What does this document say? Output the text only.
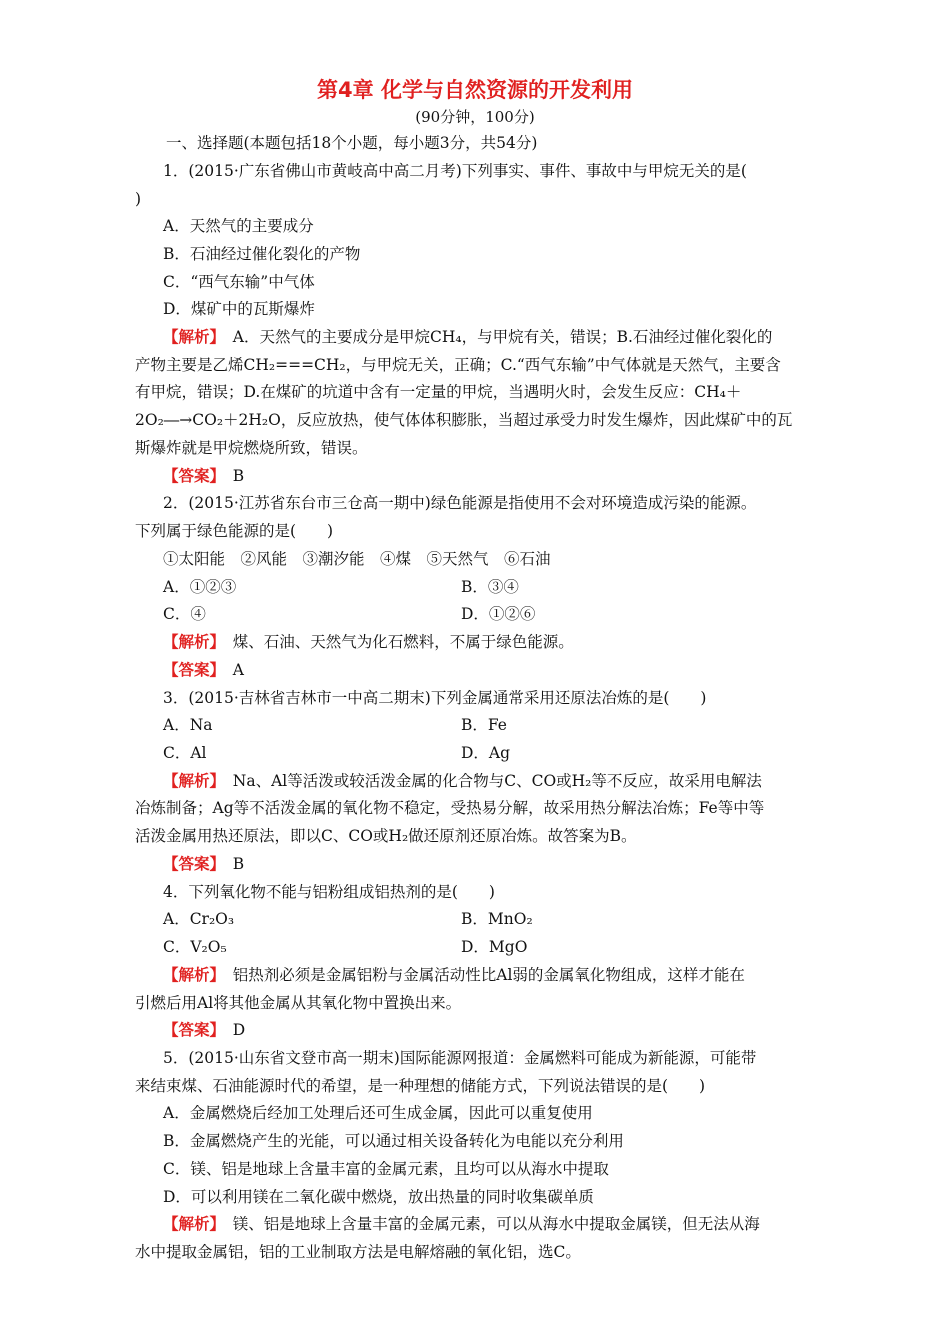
第4章 化学与自然资源的开发利用
(90分钟，100分)
一、选择题(本题包括18个小题，每小题3分，共54分)
1．(2015·广东省佛山市黄岐高中高二月考)下列事实、事件、事故中与甲烷无关的是(
)
A．天然气的主要成分
B．石油经过催化裂化的产物
C．“西气东输”中气体
D．煤矿中的瓦斯爆炸
【解析】　 A．天然气的主要成分是甲烷CH₄，与甲烷有关，错误；B.石油经过催化裂化的
产物主要是乙烯CH₂===CH₂，与甲烷无关，正确；C.“西气东输”中气体就是天然气，主要含
有甲烷，错误；D.在煤矿的坑道中含有一定量的甲烷，当遇明火时，会发生反应：CH₄＋
2O₂―→CO₂＋2H₂O，反应放热，使气体体积膨胀，当超过承受力时发生爆炸，因此煤矿中的瓦
斯爆炸就是甲烷燃烧所致，错误。
【答案】　 B
2．(2015·江苏省东台市三仓高一期中)绿色能源是指使用不会对环境造成污染的能源。
下列属于绿色能源的是(　　)
①太阳能　②风能　③潮汐能　④煤　⑤天然气　⑥石油
A．①②③	B．③④
C．④	D．①②⑥
【解析】　 煤、石油、天然气为化石燃料，不属于绿色能源。
【答案】　 A
3．(2015·吉林省吉林市一中高二期末)下列金属通常采用还原法冶炼的是(　　)
A．Na	B．Fe
C．Al	D．Ag
【解析】　 Na、Al等活泼或较活泼金属的化合物与C、CO或H₂等不反应，故采用电解法
冶炼制备；Ag等不活泼金属的氧化物不稳定，受热易分解，故采用热分解法冶炼；Fe等中等
活泼金属用热还原法，即以C、CO或H₂做还原剂还原冶炼。故答案为B。
【答案】　 B
4．下列氧化物不能与铝粉组成铝热剂的是(　　)
A．Cr₂O₃	B．MnO₂
C．V₂O₅	D．MgO
【解析】　 铝热剂必须是金属铝粉与金属活动性比Al弱的金属氧化物组成，这样才能在
引燃后用Al将其他金属从其氧化物中置换出来。
【答案】　 D
5．(2015·山东省文登市高一期末)国际能源网报道：金属燃料可能成为新能源，可能带
来结束煤、石油能源时代的希望，是一种理想的储能方式，下列说法错误的是(　　)
A．金属燃烧后经加工处理后还可生成金属，因此可以重复使用
B．金属燃烧产生的光能，可以通过相关设备转化为电能以充分利用
C．镁、铝是地球上含量丰富的金属元素，且均可以从海水中提取
D．可以利用镁在二氧化碳中燃烧，放出热量的同时收集碳单质
【解析】　 镁、铝是地球上含量丰富的金属元素，可以从海水中提取金属镁，但无法从海
水中提取金属铝，铝的工业制取方法是电解熔融的氧化铝，选C。
